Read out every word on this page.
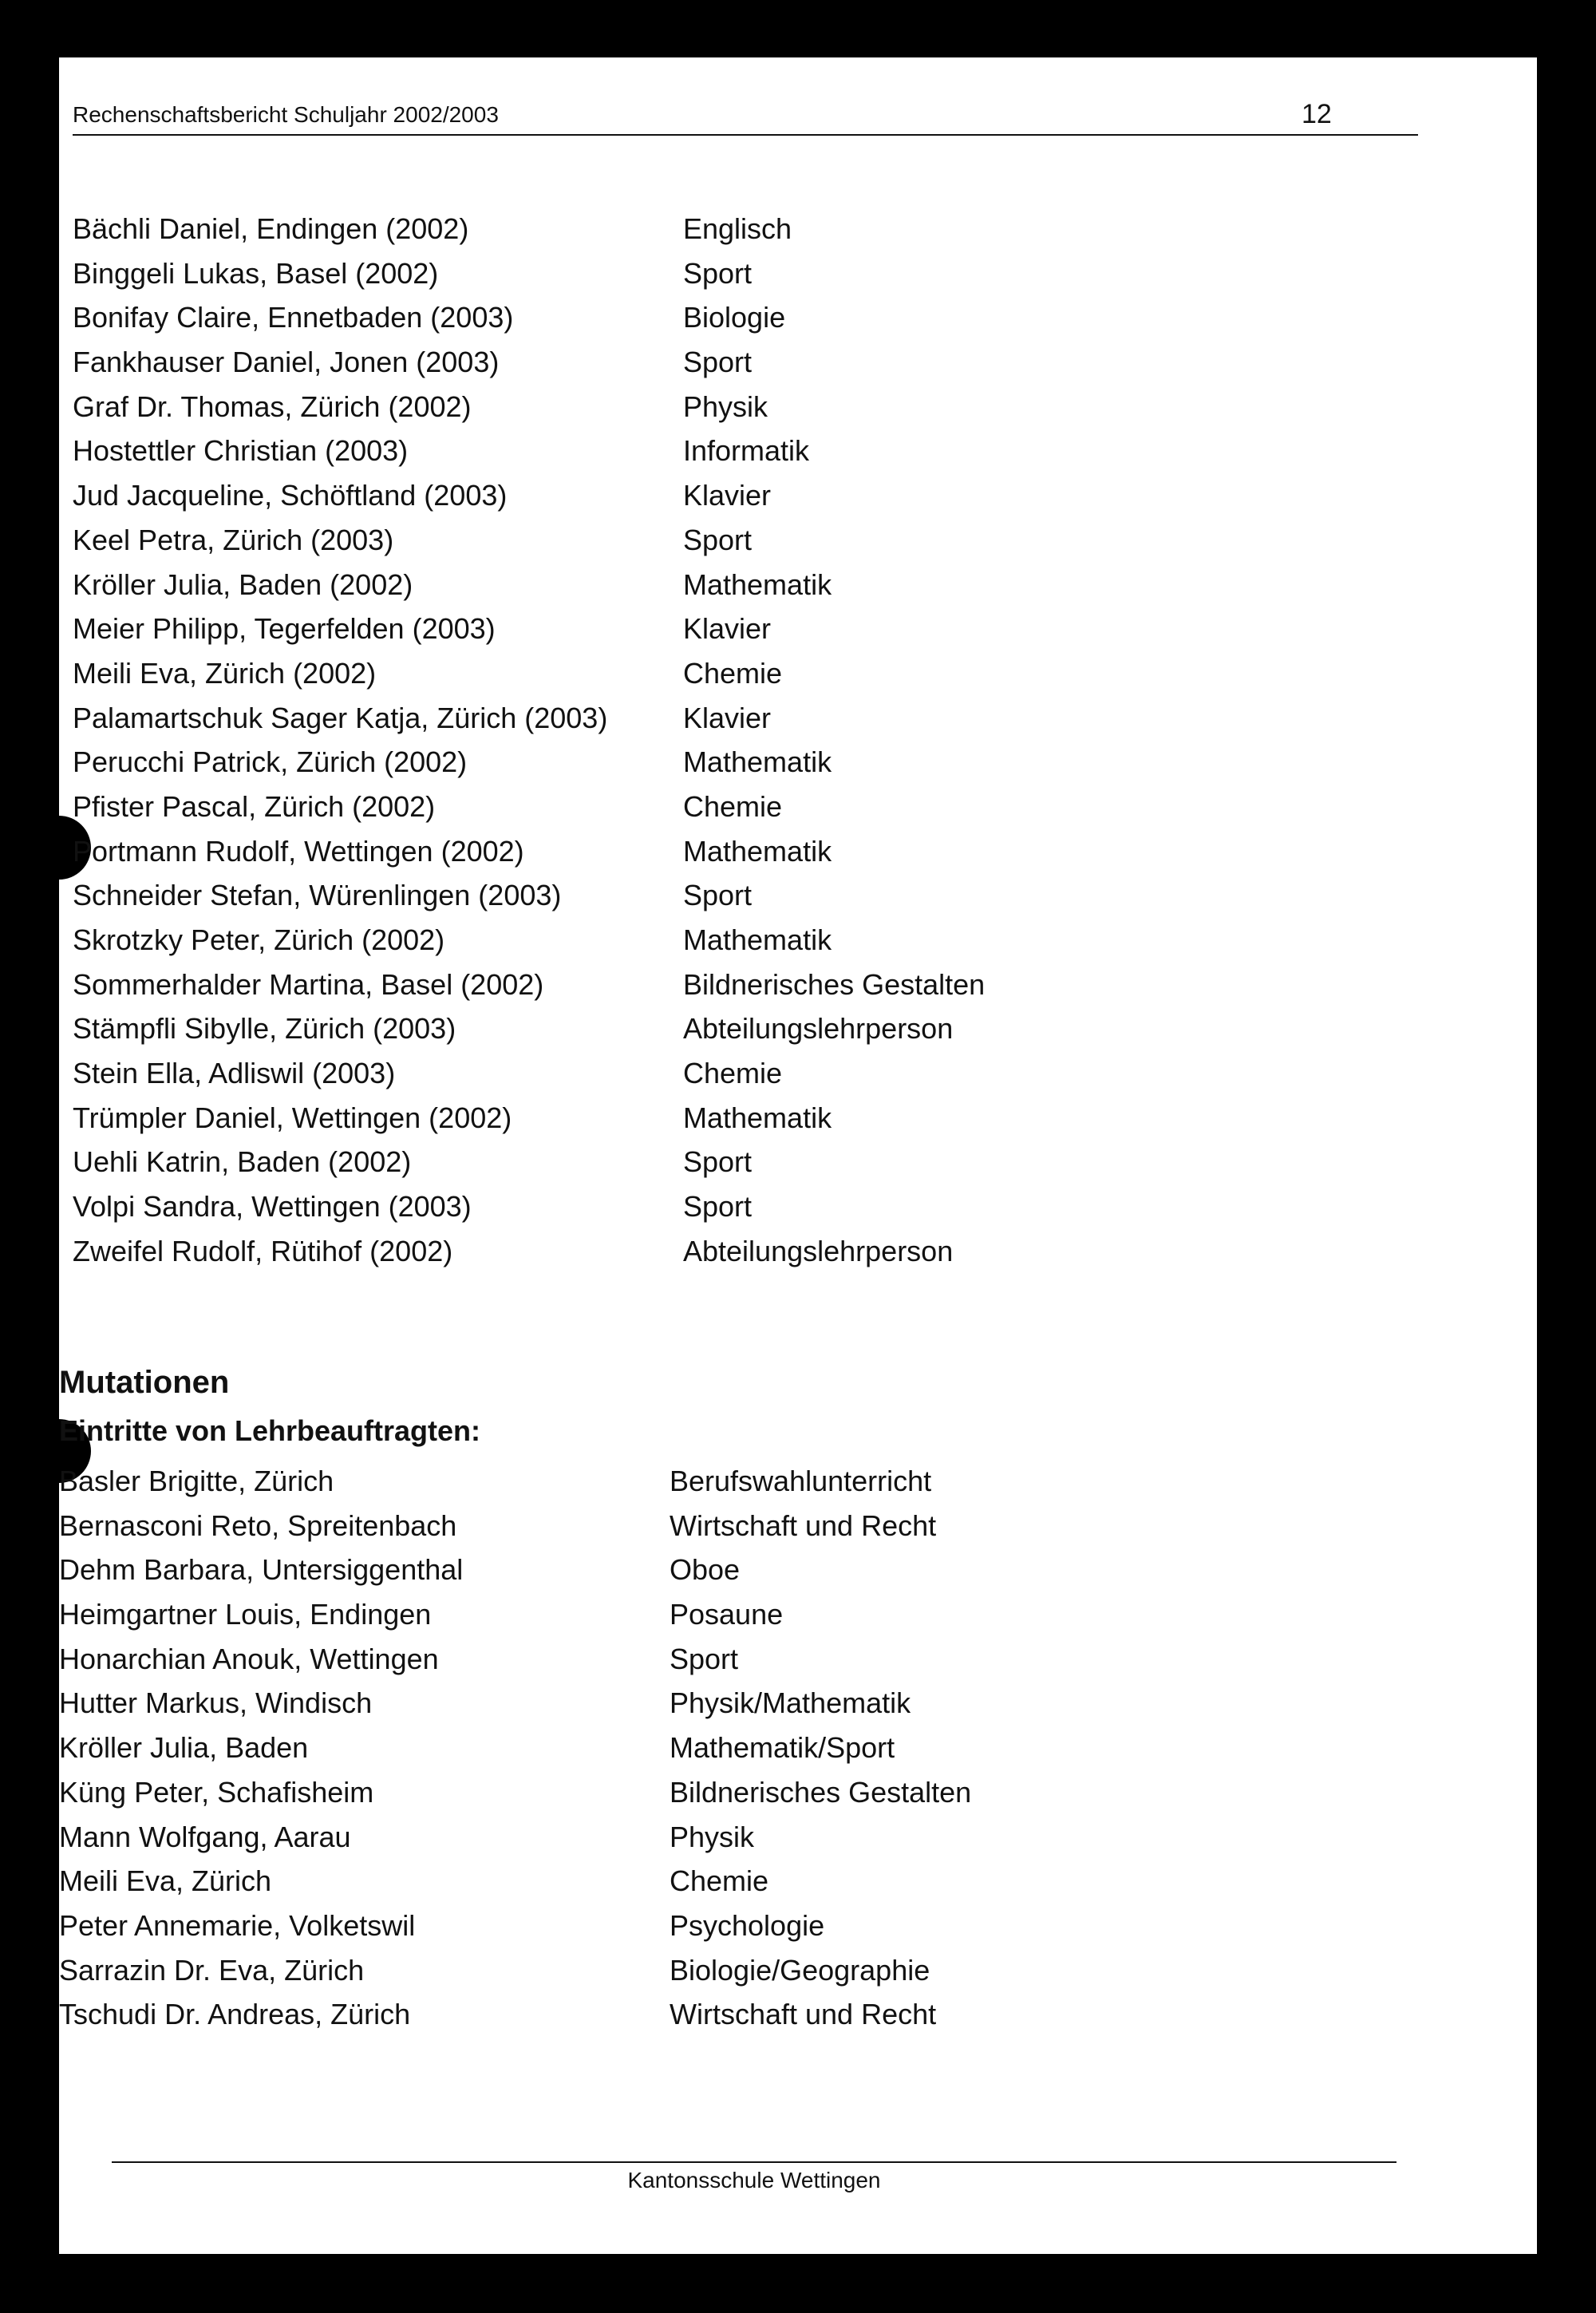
Rechenschaftsbericht Schuljahr 2002/2003	12
Bächli Daniel, Endingen (2002)	Englisch
Binggeli Lukas, Basel (2002)	Sport
Bonifay Claire, Ennetbaden (2003)	Biologie
Fankhauser Daniel, Jonen (2003)	Sport
Graf Dr. Thomas, Zürich (2002)	Physik
Hostettler Christian (2003)	Informatik
Jud Jacqueline, Schöftland (2003)	Klavier
Keel Petra, Zürich (2003)	Sport
Kröller Julia, Baden (2002)	Mathematik
Meier Philipp, Tegerfelden (2003)	Klavier
Meili Eva, Zürich (2002)	Chemie
Palamartschuk Sager Katja, Zürich (2003)	Klavier
Perucchi Patrick, Zürich (2002)	Mathematik
Pfister Pascal, Zürich (2002)	Chemie
Portmann Rudolf, Wettingen (2002)	Mathematik
Schneider Stefan, Würenlingen (2003)	Sport
Skrotzky Peter, Zürich (2002)	Mathematik
Sommerhalder Martina, Basel (2002)	Bildnerisches Gestalten
Stämpfli Sibylle, Zürich (2003)	Abteilungslehrperson
Stein Ella, Adliswil (2003)	Chemie
Trümpler Daniel, Wettingen (2002)	Mathematik
Uehli Katrin, Baden (2002)	Sport
Volpi Sandra, Wettingen (2003)	Sport
Zweifel Rudolf, Rütihof (2002)	Abteilungslehrperson
Mutationen
Eintritte von Lehrbeauftragten:
Basler Brigitte, Zürich	Berufswahlunterricht
Bernasconi Reto, Spreitenbach	Wirtschaft und Recht
Dehm Barbara, Untersiggenthal	Oboe
Heimgartner Louis, Endingen	Posaune
Honarchian Anouk, Wettingen	Sport
Hutter Markus, Windisch	Physik/Mathematik
Kröller Julia, Baden	Mathematik/Sport
Küng Peter, Schafisheim	Bildnerisches Gestalten
Mann Wolfgang, Aarau	Physik
Meili Eva, Zürich	Chemie
Peter Annemarie, Volketswil	Psychologie
Sarrazin Dr. Eva, Zürich	Biologie/Geographie
Tschudi Dr. Andreas, Zürich	Wirtschaft und Recht
Kantonsschule Wettingen
